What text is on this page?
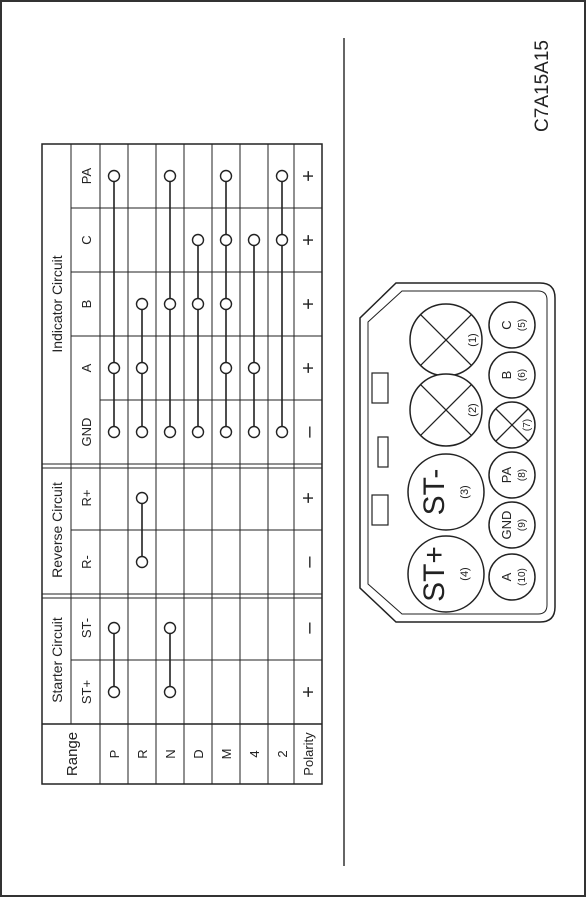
C7A15A15
Range
Starter Circuit
Reverse Circuit
Indicator Circuit
ST+
ST-
R-
R+
GND
A
B
C
PA
P R N D M 4 2 Polarity
+
–
–
+
–
+
+
+
+
(1)
(2)
ST- (3)
ST+ (4)
C (5)
B (6)
(7)
PA (8)
GND (9)
A (10)
